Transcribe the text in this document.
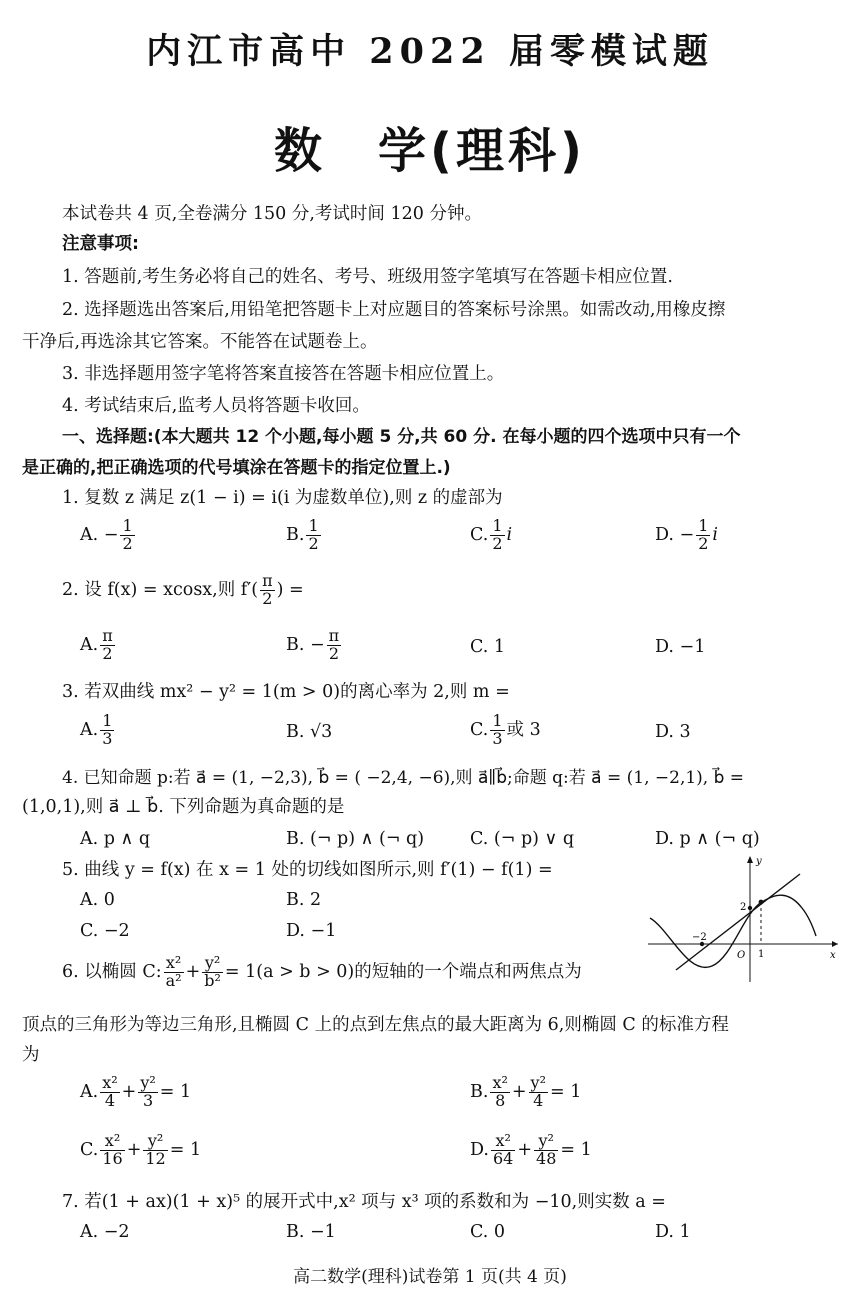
内江市高中 2022 届零模试题
数　学(理科)
本试卷共 4 页,全卷满分 150 分,考试时间 120 分钟。
注意事项:
1. 答题前,考生务必将自己的姓名、考号、班级用签字笔填写在答题卡相应位置.
2. 选择题选出答案后,用铅笔把答题卡上对应题目的答案标号涂黑。如需改动,用橡皮擦
干净后,再选涂其它答案。不能答在试题卷上。
3. 非选择题用签字笔将答案直接答在答题卡相应位置上。
4. 考试结束后,监考人员将答题卡收回。
一、选择题:(本大题共 12 个小题,每小题 5 分,共 60 分. 在每小题的四个选项中只有一个
是正确的,把正确选项的代号填涂在答题卡的指定位置上.)
1. 复数 z 满足 z(1 − i) = i(i 为虚数单位),则 z 的虚部为
A. − $\frac{1}{2}$	B. $\frac{1}{2}$	C. $\frac{1}{2}$ i	D. − $\frac{1}{2}$ i
2. 设 f(x) = xcosx,则 $f'( \frac{\pi}{2}$ ) =
A. $\frac{\pi}{2}$	B. − $\frac{\pi}{2}$	C. 1	D. −1
3. 若双曲线 mx² − y² = 1(m > 0)的离心率为 2,则 m =
A. $\frac{1}{3}$	B. √3	C. $\frac{1}{3}$ 或 3	D. 3
4. 已知命题 p:若 a⃗ = (1, −2,3), b⃗ = ( −2,4, −6),则 a⃗∥b⃗;命题 q:若 a⃗ = (1, −2,1), b⃗ =
(1,0,1),则 a⃗ ⊥ b⃗. 下列命题为真命题的是
A. p ∧ q	B. (¬ p) ∧ (¬ q)	C. (¬ p) ∨ q	D. p ∧ (¬ q)
5. 曲线 y = f(x) 在 x = 1 处的切线如图所示,则 f′(1) − f(1) =
A. 0	B. 2
C. −2	D. −1
y
x
O
2
1
−2
6. 以椭圆 C: $\frac{\text{x²}}{\text{a²}} + \frac{\text{y²}}{\text{b²}} = 1(a > b > 0)$的短轴的一个端点和两焦点为
顶点的三角形为等边三角形,且椭圆 C 上的点到左焦点的最大距离为 6,则椭圆 C 的标准方程
为
A. $\frac{\text{x²}}{4} + \frac{\text{y²}}{3} = 1$	B. $\frac{\text{x²}}{8} + \frac{\text{y²}}{4} = 1$
C. $\frac{\text{x²}}{16} + \frac{\text{y²}}{12} = 1$	D. $\frac{\text{x²}}{64} + \frac{\text{y²}}{48} = 1$
7. 若(1 + ax)(1 + x)⁵ 的展开式中,x² 项与 x³ 项的系数和为 −10,则实数 a =
A. −2	B. −1	C. 0	D. 1
高二数学(理科)试卷第 1 页(共 4 页)
